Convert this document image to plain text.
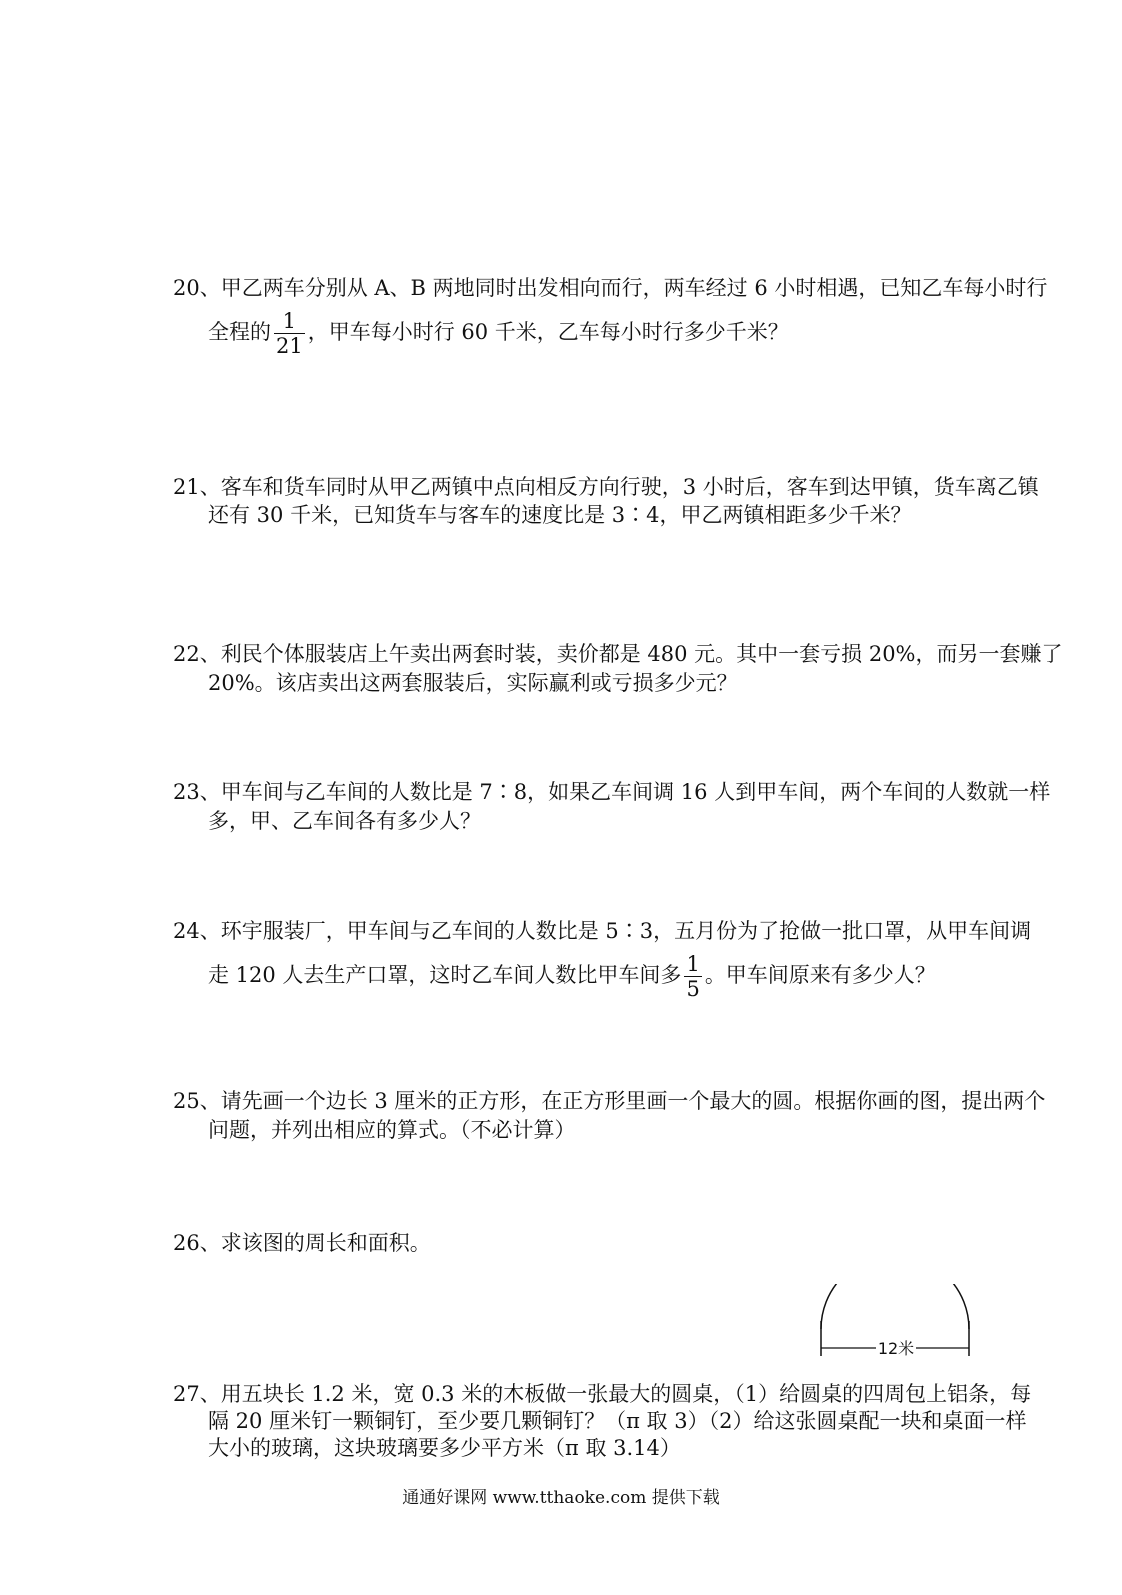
20、甲乙两车分别从 A、B 两地同时出发相向而行，两车经过 6 小时相遇，已知乙车每小时行
全程的 $\frac{1}{21}$ ，甲车每小时行 60 千米，乙车每小时行多少千米？
21、客车和货车同时从甲乙两镇中点向相反方向行驶，3 小时后，客车到达甲镇，货车离乙镇
还有 30 千米，已知货车与客车的速度比是 3∶4，甲乙两镇相距多少千米？
22、利民个体服装店上午卖出两套时装，卖价都是 480 元。其中一套亏损 20%，而另一套赚了
20%。该店卖出这两套服装后，实际赢利或亏损多少元？
23、甲车间与乙车间的人数比是 7∶8，如果乙车间调 16 人到甲车间，两个车间的人数就一样
多，甲、乙车间各有多少人？
24、环宇服装厂，甲车间与乙车间的人数比是 5∶3，五月份为了抢做一批口罩，从甲车间调
走 120 人去生产口罩，这时乙车间人数比甲车间多 $\frac{1}{5}$ 。甲车间原来有多少人？
25、请先画一个边长 3 厘米的正方形，在正方形里画一个最大的圆。根据你画的图，提出两个
问题，并列出相应的算式。（不必计算）
26、求该图的周长和面积。
12米
27、用五块长 1.2 米，宽 0.3 米的木板做一张最大的圆桌，（1）给圆桌的四周包上铝条，每
隔 20 厘米钉一颗铜钉，至少要几颗铜钉？（π 取 3）（2）给这张圆桌配一块和桌面一样
大小的玻璃，这块玻璃要多少平方米（π 取 3.14）
通通好课网 www.tthaoke.com 提供下载
